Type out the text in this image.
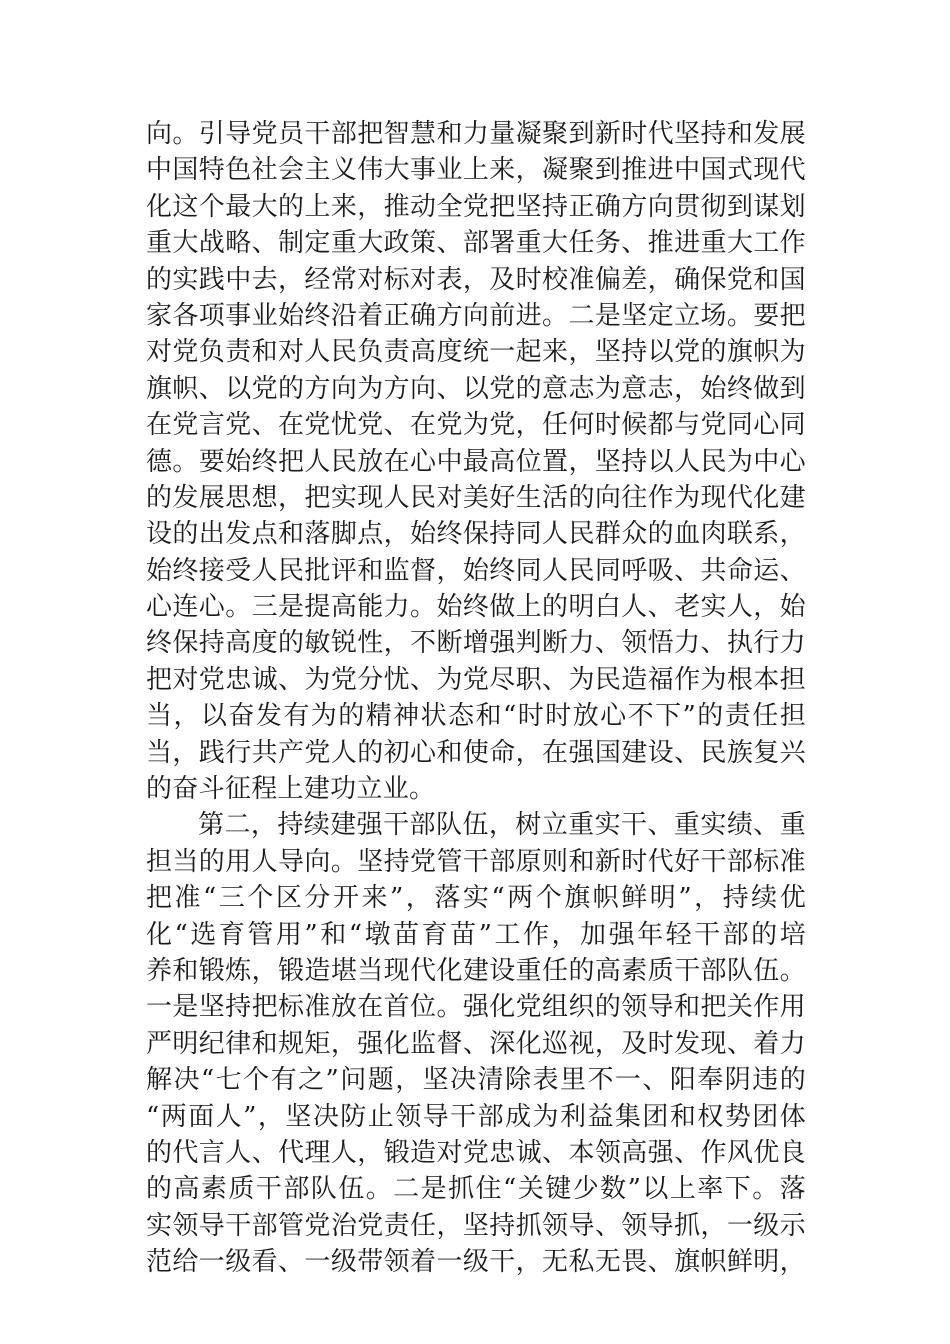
向。引导党员干部把智慧和力量凝聚到新时代坚持和发展
中国特色社会主义伟大事业上来，凝聚到推进中国式现代
化这个最大的上来，推动全党把坚持正确方向贯彻到谋划
重大战略、制定重大政策、部署重大任务、推进重大工作
的实践中去，经常对标对表，及时校准偏差，确保党和国
家各项事业始终沿着正确方向前进。二是坚定立场。要把
对党负责和对人民负责高度统一起来，坚持以党的旗帜为
旗帜、以党的方向为方向、以党的意志为意志，始终做到
在党言党、在党忧党、在党为党，任何时候都与党同心同
德。要始终把人民放在心中最高位置，坚持以人民为中心
的发展思想，把实现人民对美好生活的向往作为现代化建
设的出发点和落脚点，始终保持同人民群众的血肉联系，
始终接受人民批评和监督，始终同人民同呼吸、共命运、
心连心。三是提高能力。始终做上的明白人、老实人，始
终保持高度的敏锐性，不断增强判断力、领悟力、执行力
把对党忠诚、为党分忧、为党尽职、为民造福作为根本担
当，以奋发有为的精神状态和“时时放心不下”的责任担
当，践行共产党人的初心和使命，在强国建设、民族复兴
的奋斗征程上建功立业。
第二，持续建强干部队伍，树立重实干、重实绩、重
担当的用人导向。坚持党管干部原则和新时代好干部标准
把准“三个区分开来”，落实“两个旗帜鲜明”，持续优
化“选育管用”和“墩苗育苗”工作，加强年轻干部的培
养和锻炼，锻造堪当现代化建设重任的高素质干部队伍。
一是坚持把标准放在首位。强化党组织的领导和把关作用
严明纪律和规矩，强化监督、深化巡视，及时发现、着力
解决“七个有之”问题，坚决清除表里不一、阳奉阴违的
“两面人”，坚决防止领导干部成为利益集团和权势团体
的代言人、代理人，锻造对党忠诚、本领高强、作风优良
的高素质干部队伍。二是抓住“关键少数”以上率下。落
实领导干部管党治党责任，坚持抓领导、领导抓，一级示
范给一级看、一级带领着一级干，无私无畏、旗帜鲜明，
